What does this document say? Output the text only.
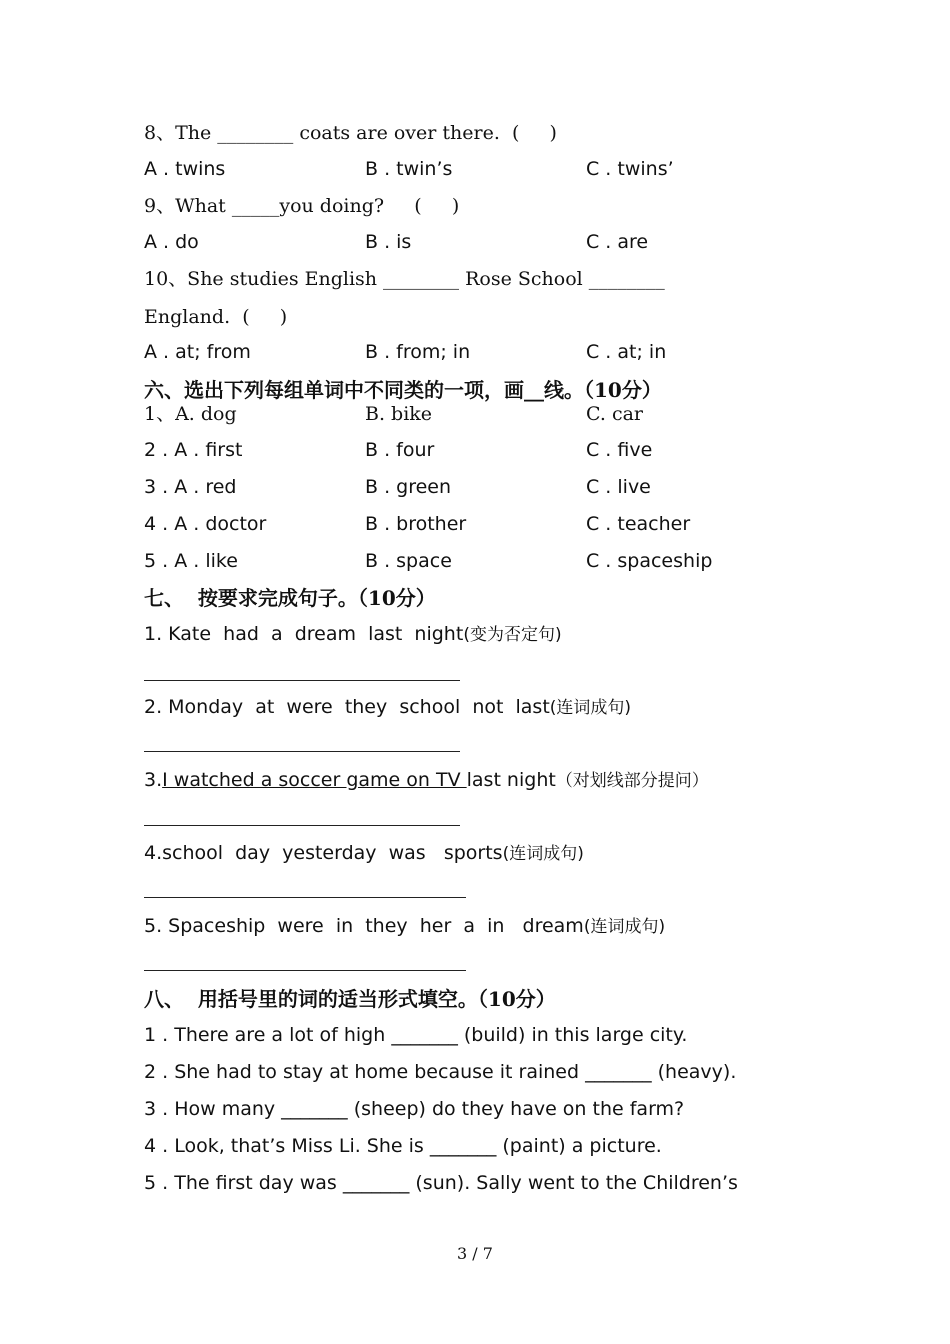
8、The ________ coats are over there.  (     )
A . twins	B . twin’s	C . twins’
9、What _____you doing?     (     )
A . do	B . is	C . are
10、She studies English ________ Rose School ________
England.  (     )
A . at; from	B . from; in	C . at; in
六、选出下列每组单词中不同类的一项，画__线。（10分）
1、A. dog	B. bike	C. car
2 . A . first	B . four	C . five
3 . A . red	B . green	C . live
4 . A . doctor	B . brother	C . teacher
5 . A . like	B . space	C . spaceship
七、  按要求完成句子。（10分）
1. Kate  had  a  dream  last  night(变为否定句)
2. Monday  at  were  they  school  not  last(连词成句)
3.I watched a soccer game on TV last night（对划线部分提问）
4.school  day  yesterday  was   sports(连词成句)
5. Spaceship  were  in  they  her  a  in   dream(连词成句)
八、  用括号里的词的适当形式填空。（10分）
1 . There are a lot of high _______ (build) in this large city.
2 . She had to stay at home because it rained _______ (heavy).
3 . How many _______ (sheep) do they have on the farm?
4 . Look, that’s Miss Li. She is _______ (paint) a picture.
5 . The first day was _______ (sun). Sally went to the Children’s
3 / 7
